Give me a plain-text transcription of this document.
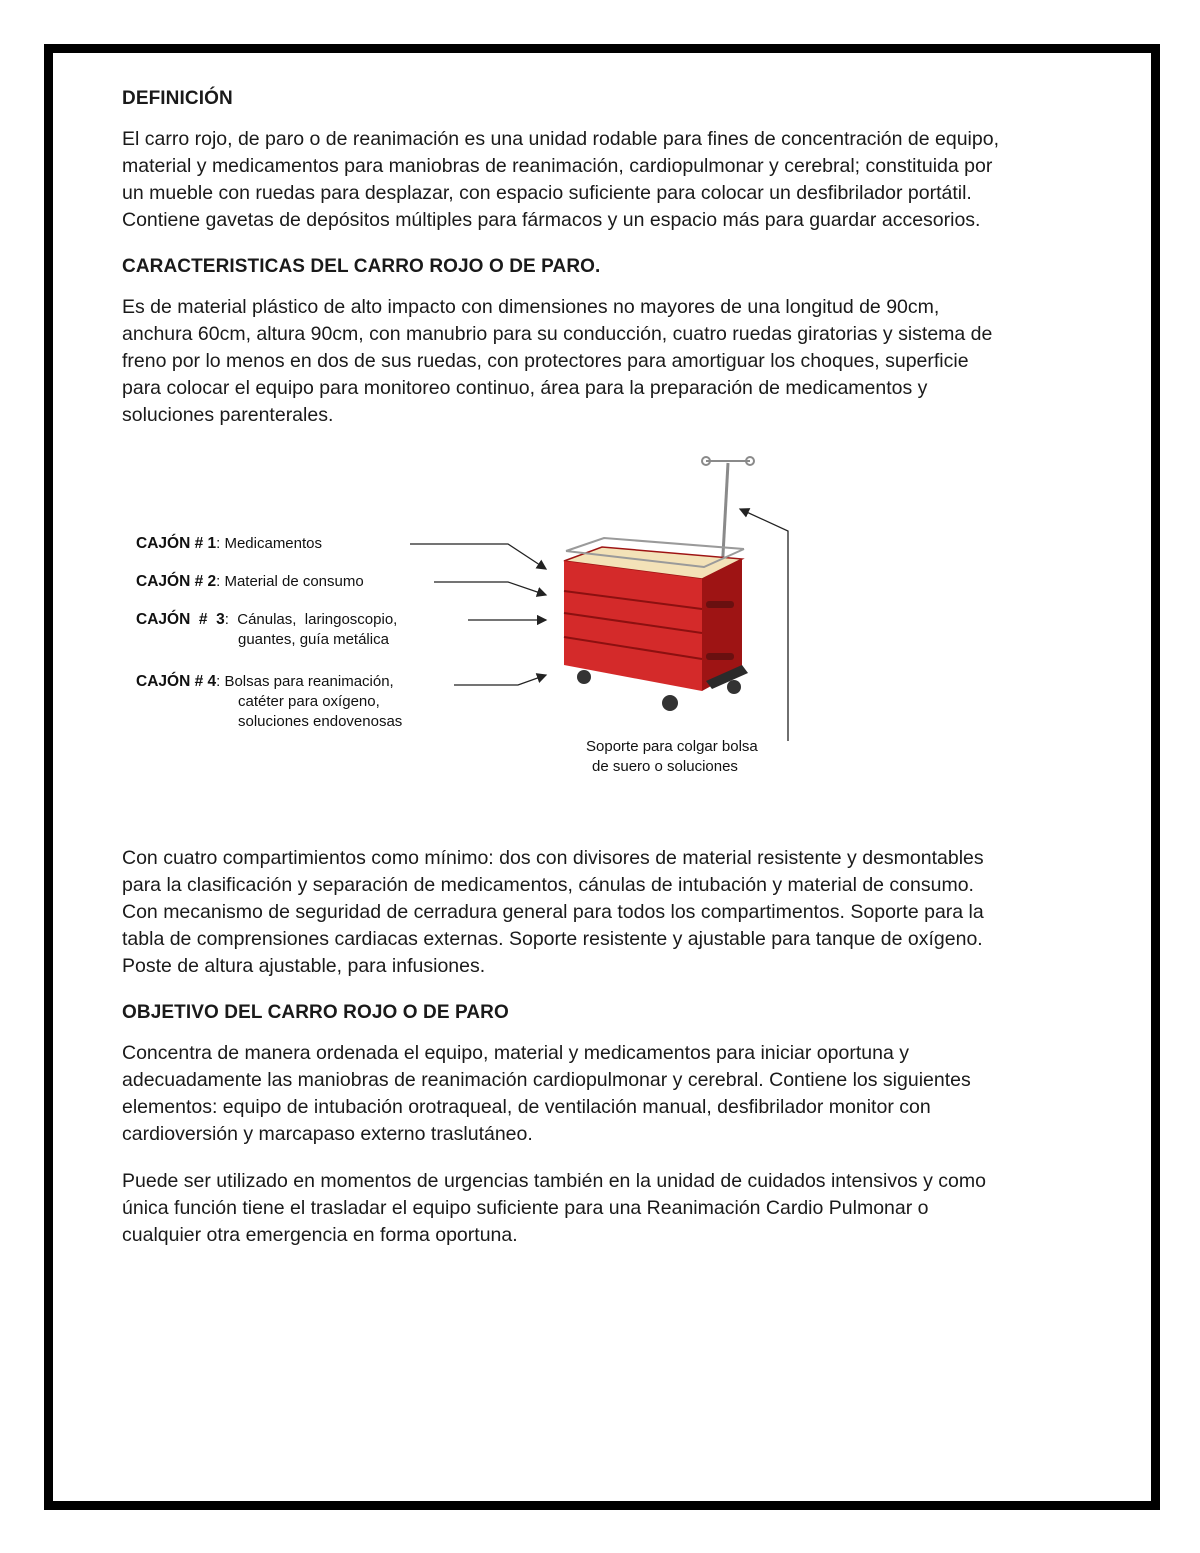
DEFINICIÓN

El carro rojo, de paro o de reanimación es una unidad rodable para fines de concentración de equipo, material y medicamentos para maniobras de reanimación, cardiopulmonar y cerebral; constituida por un mueble con ruedas para desplazar, con espacio suficiente para colocar un desfibrilador portátil. Contiene gavetas de depósitos múltiples para fármacos y un espacio más para guardar accesorios.

CARACTERISTICAS DEL CARRO ROJO O DE PARO.

Es de material plástico de alto impacto con dimensiones no mayores de una longitud de 90cm, anchura 60cm, altura 90cm, con manubrio para su conducción, cuatro ruedas giratorias y sistema de freno por lo menos en dos de sus ruedas, con protectores para amortiguar los choques, superficie para colocar el equipo para monitoreo continuo, área para la preparación de medicamentos y soluciones parenterales.

CAJÓN # 1: Medicamentos
CAJÓN # 2: Material de consumo
CAJÓN  #  3:  Cánulas,  laringoscopio,
guantes, guía metálica
CAJÓN # 4: Bolsas para reanimación,
catéter para oxígeno,
soluciones endovenosas
Soporte para colgar bolsa
de suero o soluciones

Con cuatro compartimientos como mínimo: dos con divisores de material resistente y desmontables para la clasificación y separación de medicamentos, cánulas de intubación y material de consumo. Con mecanismo de seguridad de cerradura general para todos los compartimentos. Soporte para la tabla de comprensiones cardiacas externas. Soporte resistente y ajustable para tanque de oxígeno. Poste de altura ajustable, para infusiones.

OBJETIVO DEL CARRO ROJO O DE PARO

Concentra de manera ordenada el equipo, material y medicamentos para iniciar oportuna y adecuadamente las maniobras de reanimación cardiopulmonar y cerebral. Contiene los siguientes elementos: equipo de intubación orotraqueal, de ventilación manual, desfibrilador monitor con cardioversión y marcapaso externo traslutáneo.

Puede ser utilizado en momentos de urgencias también en la unidad de cuidados intensivos y como única función tiene el trasladar el equipo suficiente para una Reanimación Cardio Pulmonar o cualquier otra emergencia en forma oportuna.
